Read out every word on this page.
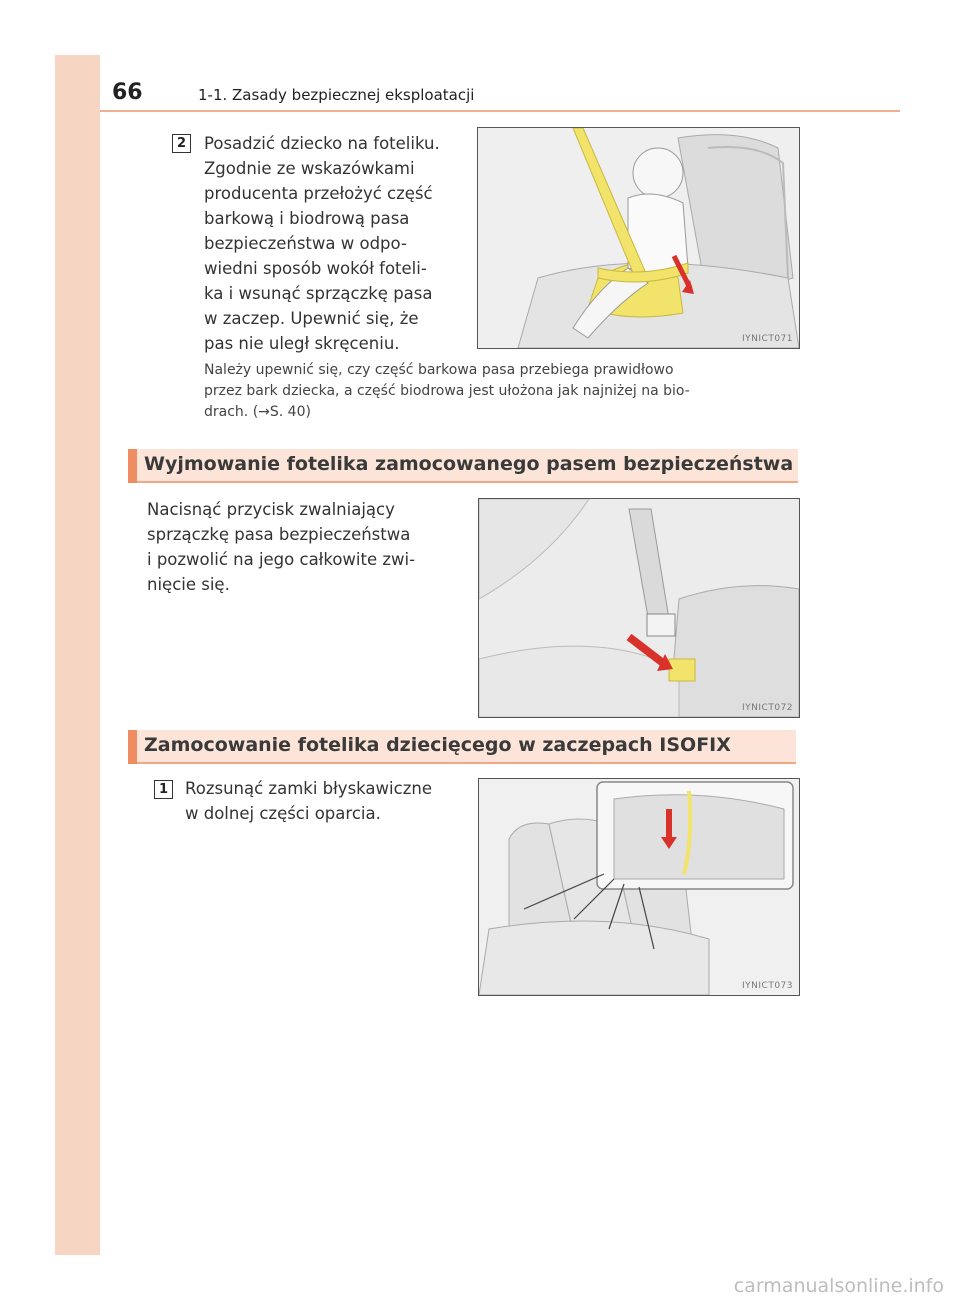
66	1-1. Zasady bezpiecznej eksploatacji
2	Posadzić dziecko na foteliku.
Zgodnie ze wskazówkami
producenta przełożyć część
barkową i biodrową pasa
bezpieczeństwa w odpo-
wiedni sposób wokół foteli-
ka i wsunąć sprzączkę pasa
w zaczep. Upewnić się, że
pas nie uległ skręceniu.	IYNICT071
Należy upewnić się, czy część barkowa pasa przebiega prawidłowo
przez bark dziecka, a część biodrowa jest ułożona jak najniżej na bio-
drach. (→S. 40)
Wyjmowanie fotelika zamocowanego pasem bezpieczeństwa
Nacisnąć przycisk zwalniający
sprzączkę pasa bezpieczeństwa
i pozwolić na jego całkowite zwi-
nięcie się.
IYNICT072
Zamocowanie fotelika dziecięcego w zaczepach ISOFIX
1	Rozsunąć zamki błyskawiczne
w dolnej części oparcia.
IYNICT073
carmanualsonline.info
